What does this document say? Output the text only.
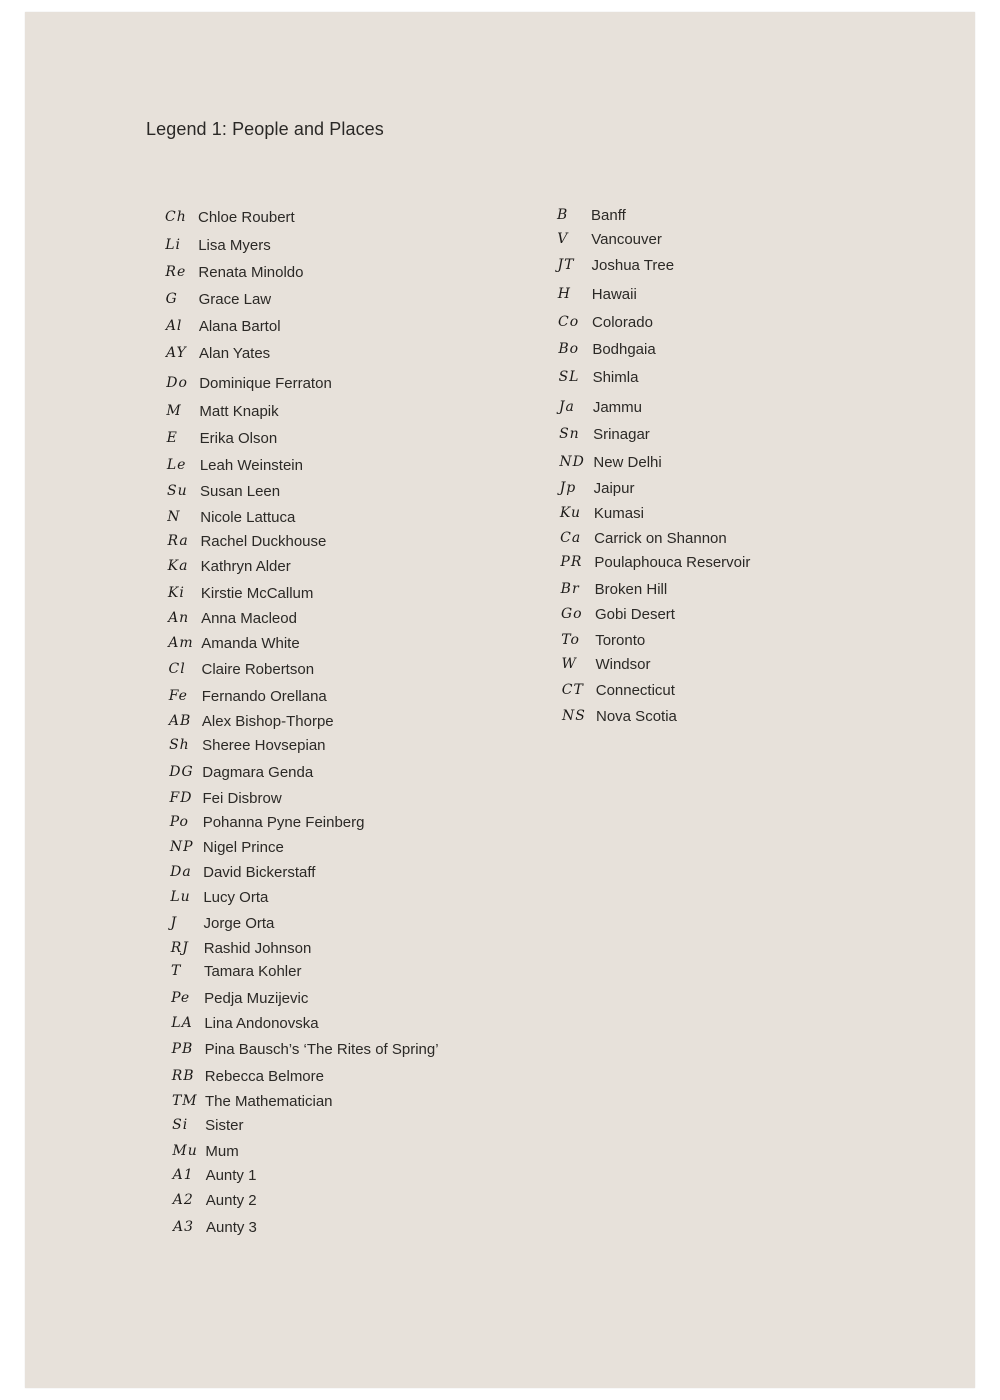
Legend 1: People and Places
Ch Chloe Roubert
Li Lisa Myers
Re Renata Minoldo
G Grace Law
Al Alana Bartol
AY Alan Yates
Do Dominique Ferraton
M Matt Knapik
E Erika Olson
Le Leah Weinstein
Su Susan Leen
N Nicole Lattuca
Ra Rachel Duckhouse
Ka Kathryn Alder
Ki Kirstie McCallum
An Anna Macleod
Am Amanda White
Cl Claire Robertson
Fe Fernando Orellana
AB Alex Bishop-Thorpe
Sh Sheree Hovsepian
DG Dagmara Genda
FD Fei Disbrow
Po Pohanna Pyne Feinberg
NP Nigel Prince
Da David Bickerstaff
Lu Lucy Orta
J Jorge Orta
RJ Rashid Johnson
T Tamara Kohler
Pe Pedja Muzijevic
LA Lina Andonovska
PB Pina Bausch’s ‘The Rites of Spring’
RB Rebecca Belmore
TM The Mathematician
Si Sister
Mu Mum
A1 Aunty 1
A2 Aunty 2
A3 Aunty 3
B Banff
V Vancouver
JT Joshua Tree
H Hawaii
Co Colorado
Bo Bodhgaia
SL Shimla
Ja Jammu
Sn Srinagar
ND New Delhi
Jp Jaipur
Ku Kumasi
Ca Carrick on Shannon
PR Poulaphouca Reservoir
Br Broken Hill
Go Gobi Desert
To Toronto
W Windsor
CT Connecticut
NS Nova Scotia
